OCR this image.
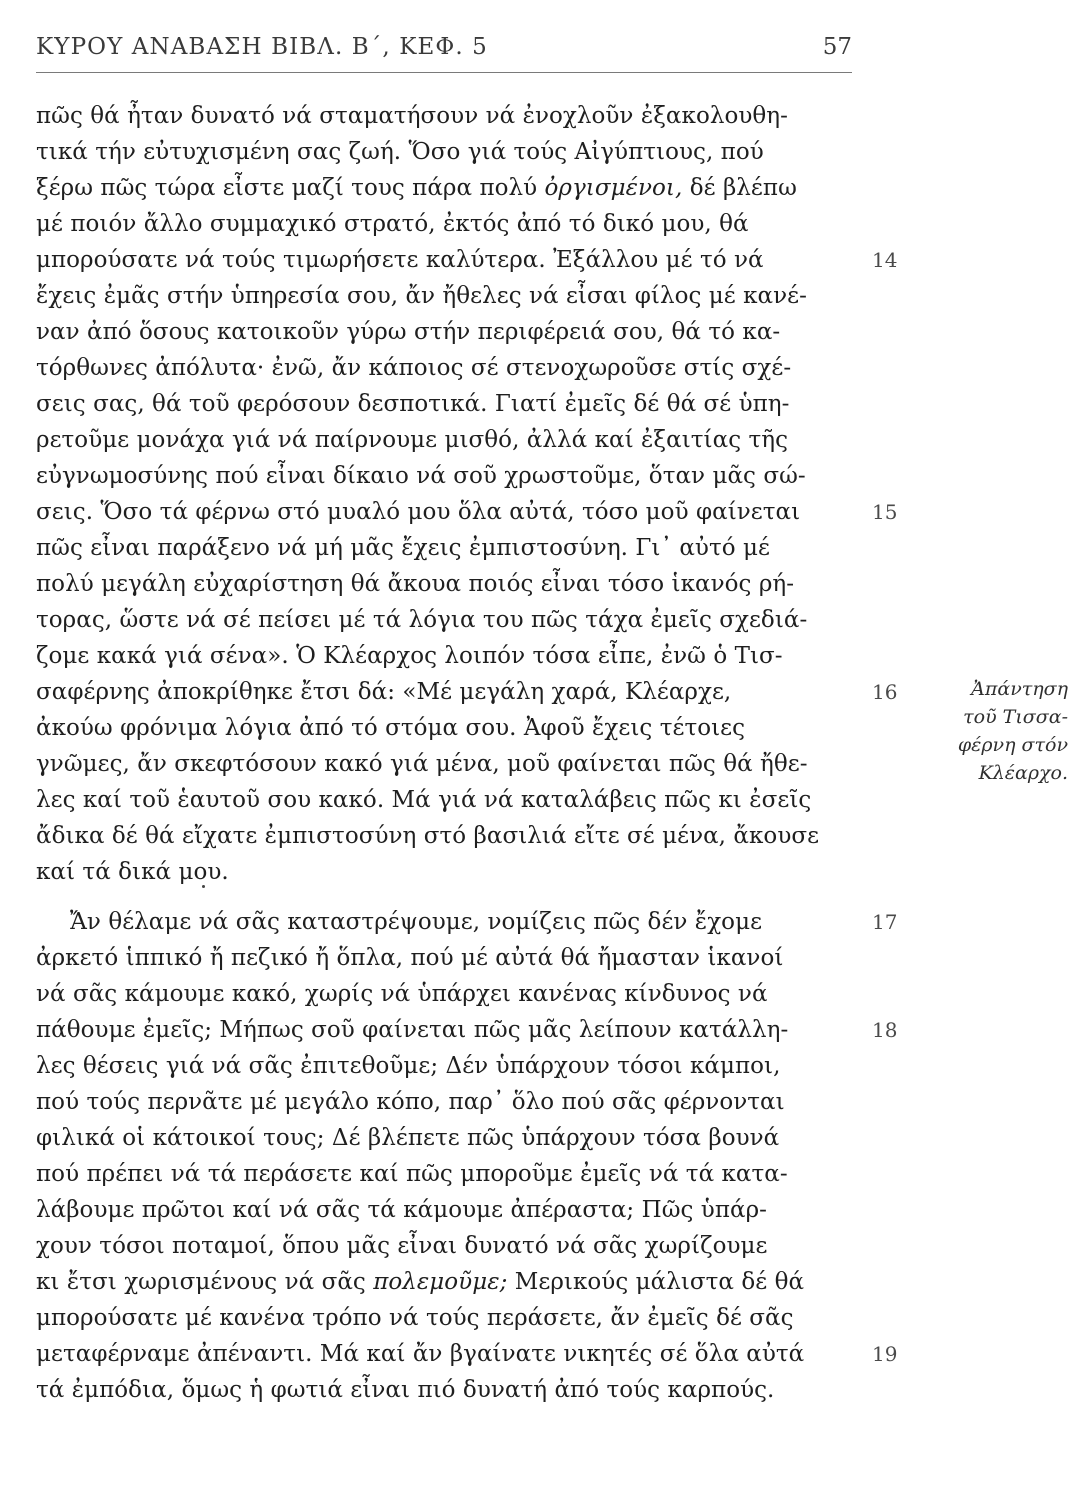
ΚΥΡΟΥ ΑΝΑΒΑΣΗ ΒΙΒΛ. Β΄, ΚΕΦ. 5	57
πῶς θά ἦταν δυνατό νά σταματήσουν νά ἐνοχλοῦν ἐξακολουθη-
τικά τήν εὐτυχισμένη σας ζωή. Ὅσο γιά τούς Αἰγύπτιους, πού
ξέρω πῶς τώρα εἶστε μαζί τους πάρα πολύ ὀργισμένοι, δέ βλέπω
μέ ποιόν ἄλλο συμμαχικό στρατό, ἐκτός ἀπό τό δικό μου, θά
μπορούσατε νά τούς τιμωρήσετε καλύτερα. Ἐξάλλου μέ τό νά
ἔχεις ἐμᾶς στήν ὑπηρεσία σου, ἄν ἤθελες νά εἶσαι φίλος μέ κανέ-
ναν ἀπό ὅσους κατοικοῦν γύρω στήν περιφέρειά σου, θά τό κα-
τόρθωνες ἀπόλυτα· ἐνῶ, ἄν κάποιος σέ στενοχωροῦσε στίς σχέ-
σεις σας, θά τοῦ φερόσουν δεσποτικά. Γιατί ἐμεῖς δέ θά σέ ὑπη-
ρετοῦμε μονάχα γιά νά παίρνουμε μισθό, ἀλλά καί ἐξαιτίας τῆς
εὐγνωμοσύνης πού εἶναι δίκαιο νά σοῦ χρωστοῦμε, ὅταν μᾶς σώ-
σεις. Ὅσο τά φέρνω στό μυαλό μου ὅλα αὐτά, τόσο μοῦ φαίνεται
πῶς εἶναι παράξενο νά μή μᾶς ἔχεις ἐμπιστοσύνη. Γι᾽ αὐτό μέ
πολύ μεγάλη εὐχαρίστηση θά ἄκουα ποιός εἶναι τόσο ἱκανός ρή-
τορας, ὥστε νά σέ πείσει μέ τά λόγια του πῶς τάχα ἐμεῖς σχεδιά-
ζομε κακά γιά σένα». Ὁ Κλέαρχος λοιπόν τόσα εἶπε, ἐνῶ ὁ Τισ-
σαφέρνης ἀποκρίθηκε ἔτσι δά: «Μέ μεγάλη χαρά, Κλέαρχε,
ἀκούω φρόνιμα λόγια ἀπό τό στόμα σου. Ἀφοῦ ἔχεις τέτοιες
γνῶμες, ἄν σκεφτόσουν κακό γιά μένα, μοῦ φαίνεται πῶς θά ἤθε-
λες καί τοῦ ἑαυτοῦ σου κακό. Μά γιά νά καταλάβεις πῶς κι ἐσεῖς
ἄδικα δέ θά εἴχατε ἐμπιστοσύνη στό βασιλιά εἴτε σέ μένα, ἄκουσε
καί τά δικά μου.
Ἄν θέλαμε νά σᾶς καταστρέψουμε, νομίζεις πῶς δέν ἔχομε
ἀρκετό ἱππικό ἤ πεζικό ἤ ὅπλα, πού μέ αὐτά θά ἤμασταν ἱκανοί
νά σᾶς κάμουμε κακό, χωρίς νά ὑπάρχει κανένας κίνδυνος νά
πάθουμε ἐμεῖς; Μήπως σοῦ φαίνεται πῶς μᾶς λείπουν κατάλλη-
λες θέσεις γιά νά σᾶς ἐπιτεθοῦμε; Δέν ὑπάρχουν τόσοι κάμποι,
πού τούς περνᾶτε μέ μεγάλο κόπο, παρ᾽ ὅλο πού σᾶς φέρνονται
φιλικά οἱ κάτοικοί τους; Δέ βλέπετε πῶς ὑπάρχουν τόσα βουνά
πού πρέπει νά τά περάσετε καί πῶς μποροῦμε ἐμεῖς νά τά κατα-
λάβουμε πρῶτοι καί νά σᾶς τά κάμουμε ἀπέραστα; Πῶς ὑπάρ-
χουν τόσοι ποταμοί, ὅπου μᾶς εἶναι δυνατό νά σᾶς χωρίζουμε
κι ἔτσι χωρισμένους νά σᾶς πολεμοῦμε; Μερικούς μάλιστα δέ θά
μπορούσατε μέ κανένα τρόπο νά τούς περάσετε, ἄν ἐμεῖς δέ σᾶς
μεταφέρναμε ἀπέναντι. Μά καί ἄν βγαίνατε νικητές σέ ὅλα αὐτά
τά ἐμπόδια, ὅμως ἡ φωτιά εἶναι πιό δυνατή ἀπό τούς καρπούς.
14
15
16
17
18
19
Ἀπάντηση
τοῦ Τισσα-
φέρνη στόν
Κλέαρχο.
